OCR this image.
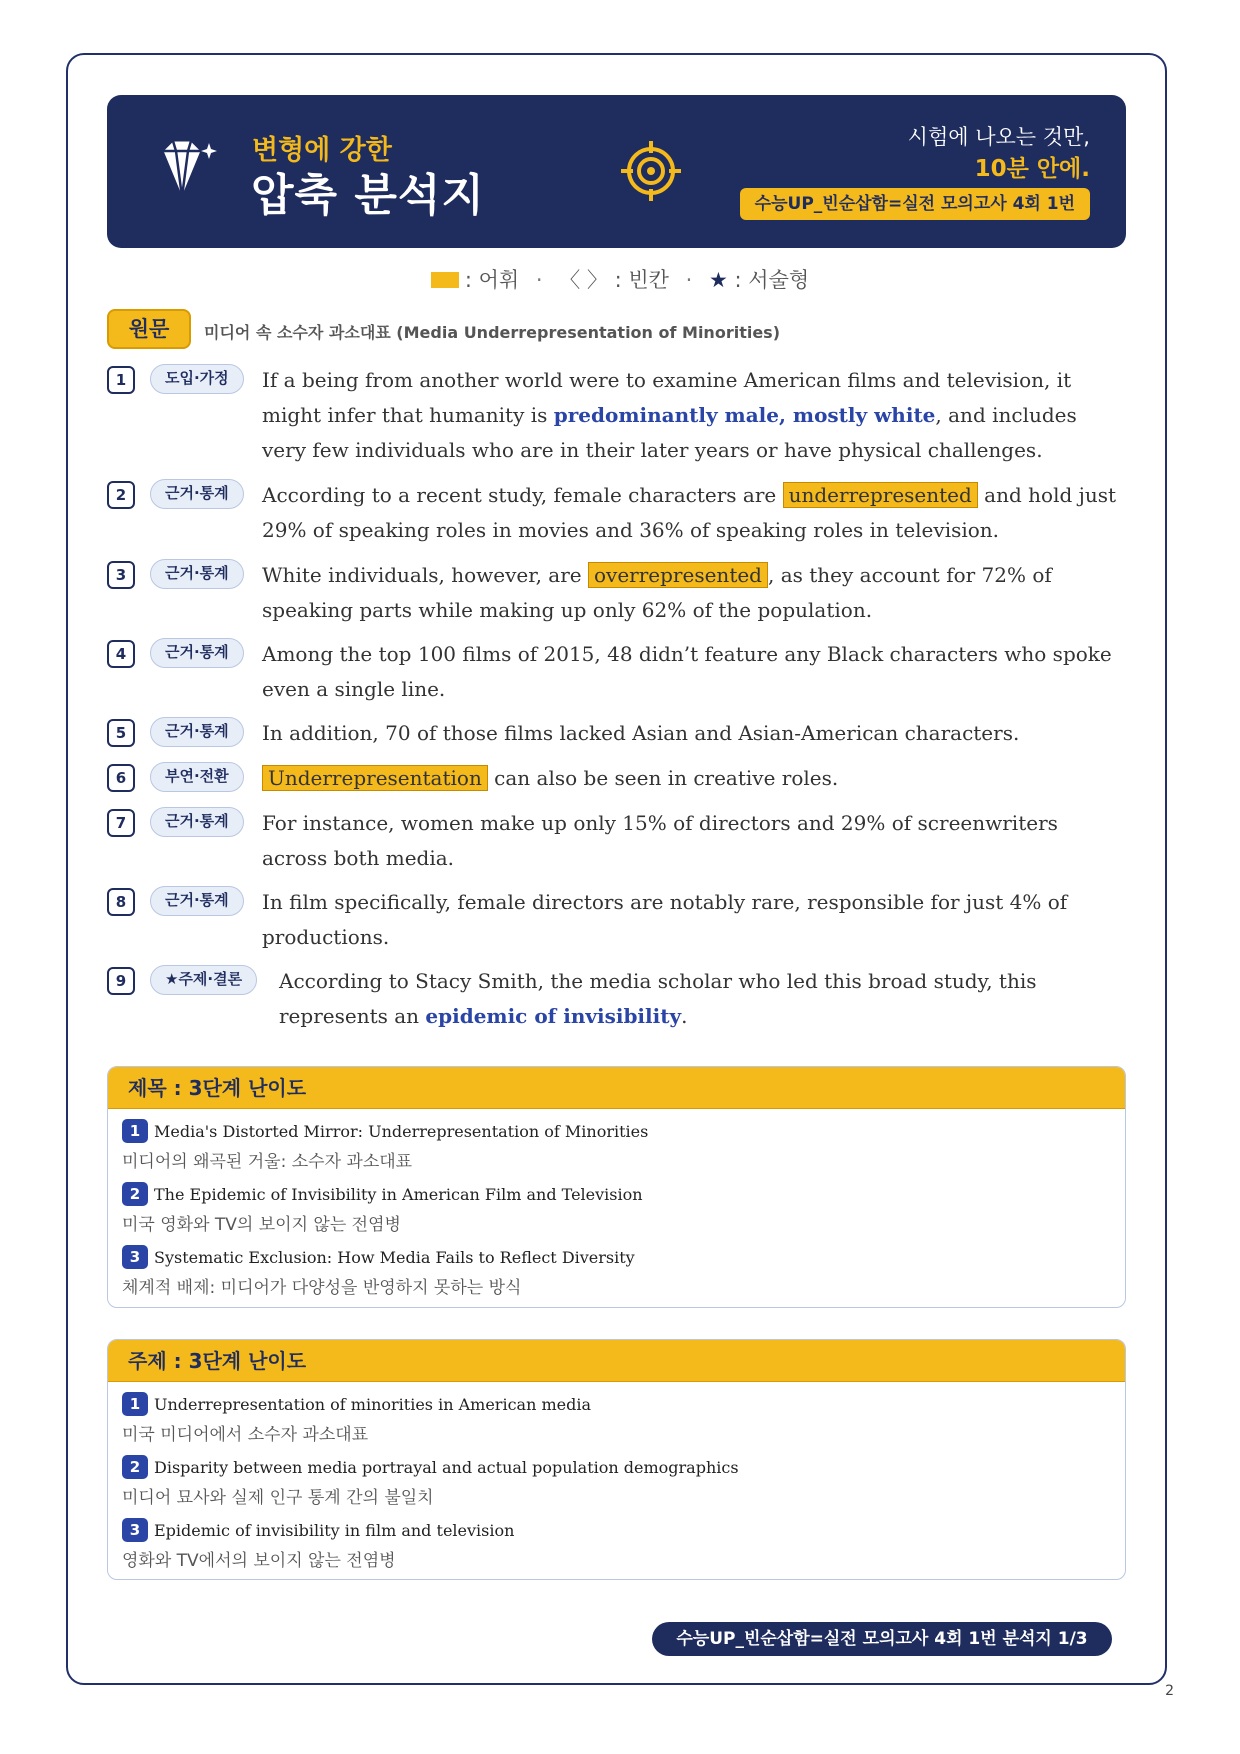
변형에 강한
압축 분석지
시험에 나오는 것만,
10분 안에.
수능UP_빈순삽함=실전 모의고사 4회 1번
: 어휘 · 〈 〉 : 빈칸 · ★ : 서술형
원문	미디어 속 소수자 과소대표 (Media Underrepresentation of Minorities)
1	도입·가정	If a being from another world were to examine American films and television, it might infer that humanity is predominantly male, mostly white, and includes very few individuals who are in their later years or have physical challenges.
2	근거·통계	According to a recent study, female characters are underrepresented and hold just 29% of speaking roles in movies and 36% of speaking roles in television.
3	근거·통계	White individuals, however, are overrepresented , as they account for 72% of speaking parts while making up only 62% of the population.
4	근거·통계	Among the top 100 films of 2015, 48 didn’t feature any Black characters who spoke even a single line.
5	근거·통계	In addition, 70 of those films lacked Asian and Asian-American characters.
6	부연·전환	Underrepresentation can also be seen in creative roles.
7	근거·통계	For instance, women make up only 15% of directors and 29% of screenwriters across both media.
8	근거·통계	In film specifically, female directors are notably rare, responsible for just 4% of productions.
9	★주제·결론	According to Stacy Smith, the media scholar who led this broad study, this represents an epidemic of invisibility.
제목 : 3단계 난이도
1 Media's Distorted Mirror: Underrepresentation of Minorities
미디어의 왜곡된 거울: 소수자 과소대표
2 The Epidemic of Invisibility in American Film and Television
미국 영화와 TV의 보이지 않는 전염병
3 Systematic Exclusion: How Media Fails to Reflect Diversity
체계적 배제: 미디어가 다양성을 반영하지 못하는 방식
주제 : 3단계 난이도
1 Underrepresentation of minorities in American media
미국 미디어에서 소수자 과소대표
2 Disparity between media portrayal and actual population demographics
미디어 묘사와 실제 인구 통계 간의 불일치
3 Epidemic of invisibility in film and television
영화와 TV에서의 보이지 않는 전염병
수능UP_빈순삽함=실전 모의고사 4회 1번 분석지 1/3
2
